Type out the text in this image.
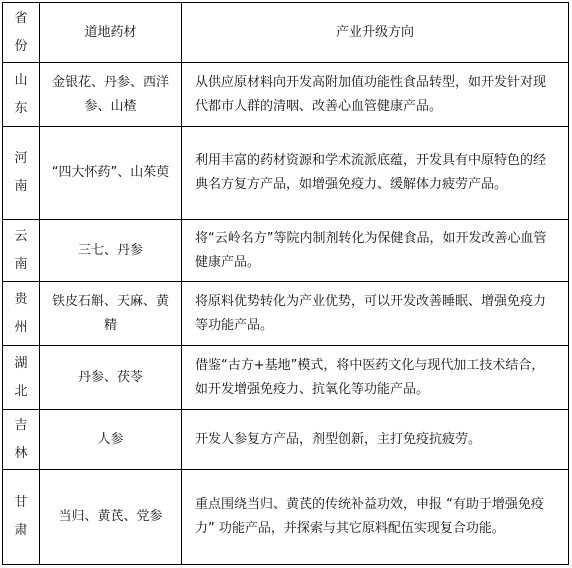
省份	道地药材	产业升级方向

山东	金银花、丹参、西洋参、山楂	从供应原材料向开发高附加值功能性食品转型，如开发针对现代都市人群的清咽、改善心血管健康产品。

河南	“四大怀药”、山茱萸	利用丰富的药材资源和学术流派底蕴，开发具有中原特色的经典名方复方产品，如增强免疫力、缓解体力疲劳产品。

云南	三七、丹参	将“云岭名方”等院内制剂转化为保健食品，如开发改善心血管健康产品。

贵州	铁皮石斛、天麻、黄精	将原料优势转化为产业优势，可以开发改善睡眠、增强免疫力等功能产品。

湖北	丹参、茯苓	借鉴“古方+基地”模式，将中医药文化与现代加工技术结合，如开发增强免疫力、抗氧化等功能产品。

吉林	人参	开发人参复方产品，剂型创新，主打免疫抗疲劳。

甘肃	当归、黄芪、党参	重点围绕当归、黄芪的传统补益功效，申报 “有助于增强免疫力” 功能产品，并探索与其它原料配伍实现复合功能。
